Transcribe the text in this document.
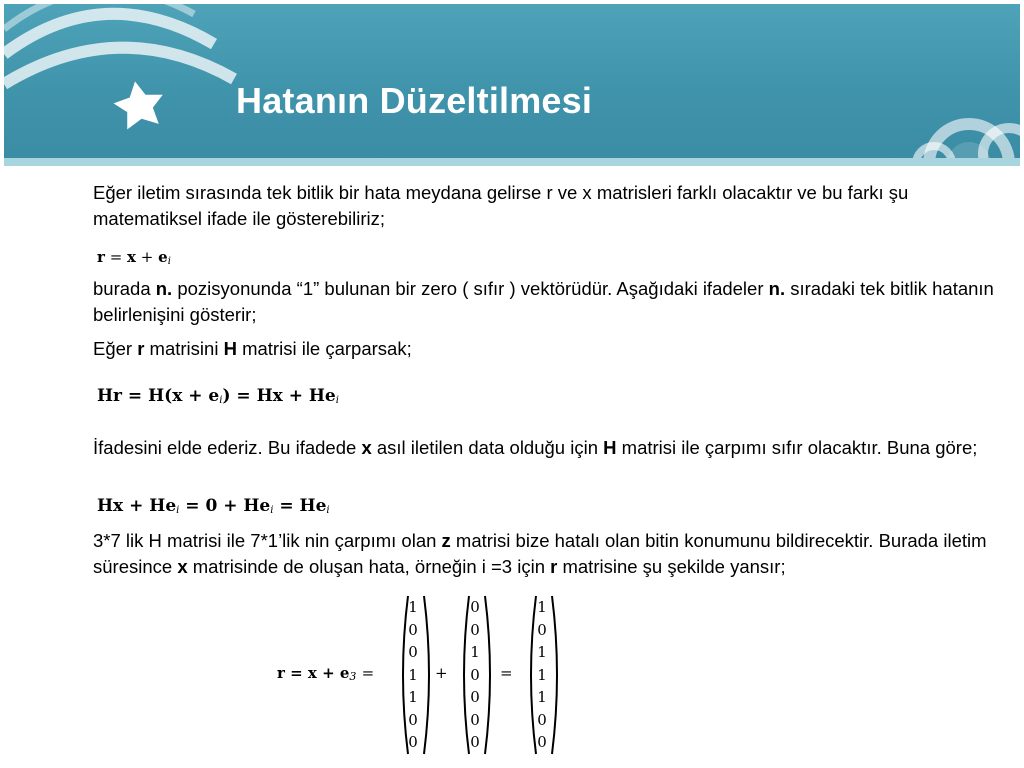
Hatanın Düzeltilmesi

Eğer iletim sırasında tek bitlik bir hata meydana gelirse r ve x matrisleri farklı olacaktır ve bu farkı şu matematiksel ifade ile gösterebiliriz;

r = x + ei

burada n. pozisyonunda “1” bulunan bir zero ( sıfır ) vektörüdür. Aşağıdaki ifadeler n. sıradaki tek bitlik hatanın belirlenişini gösterir;

Eğer r matrisini H matrisi ile çarparsak;

Hr = H(x + ei) = Hx + Hei

İfadesini elde ederiz. Bu ifadede x asıl iletilen data olduğu için H matrisi ile çarpımı sıfır olacaktır. Buna göre;

Hx + Hei = 0 + Hei = Hei

3*7 lik H matrisi ile 7*1’lik nin çarpımı olan z matrisi bize hatalı olan bitin konumunu bildirecektir. Burada iletim süresince x matrisinde de oluşan hata, örneğin i =3 için r matrisine şu şekilde yansır;

r = x + e3 =
1
0
0
1
1
0
0
+
0
0
1
0
0
0
0
=
1
0
1
1
1
0
0
